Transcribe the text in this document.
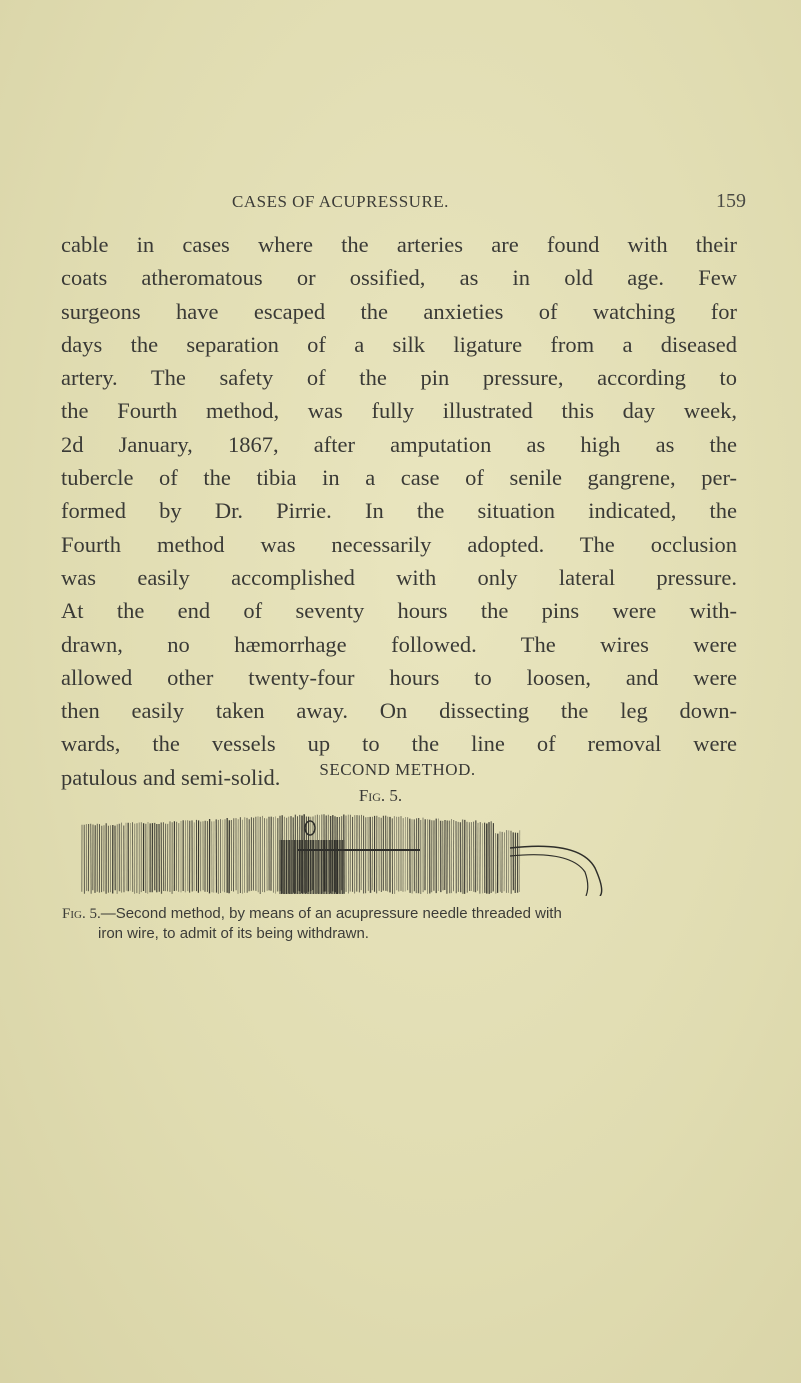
CASES OF ACUPRESSURE.	159
cable in cases where the arteries are found with their
coats atheromatous or ossified, as in old age. Few
surgeons have escaped the anxieties of watching for
days the separation of a silk ligature from a diseased
artery. The safety of the pin pressure, according to
the Fourth method, was fully illustrated this day week,
2d January, 1867, after amputation as high as the
tubercle of the tibia in a case of senile gangrene, per-
formed by Dr. Pirrie. In the situation indicated, the
Fourth method was necessarily adopted. The occlusion
was easily accomplished with only lateral pressure.
At the end of seventy hours the pins were with-
drawn, no hæmorrhage followed. The wires were
allowed other twenty-four hours to loosen, and were
then easily taken away. On dissecting the leg down-
wards, the vessels up to the line of removal were
patulous and semi-solid.	SECOND METHOD.
Fig. 5.
Fig. 5.—Second method, by means of an acupressure needle threaded with
iron wire, to admit of its being withdrawn.
